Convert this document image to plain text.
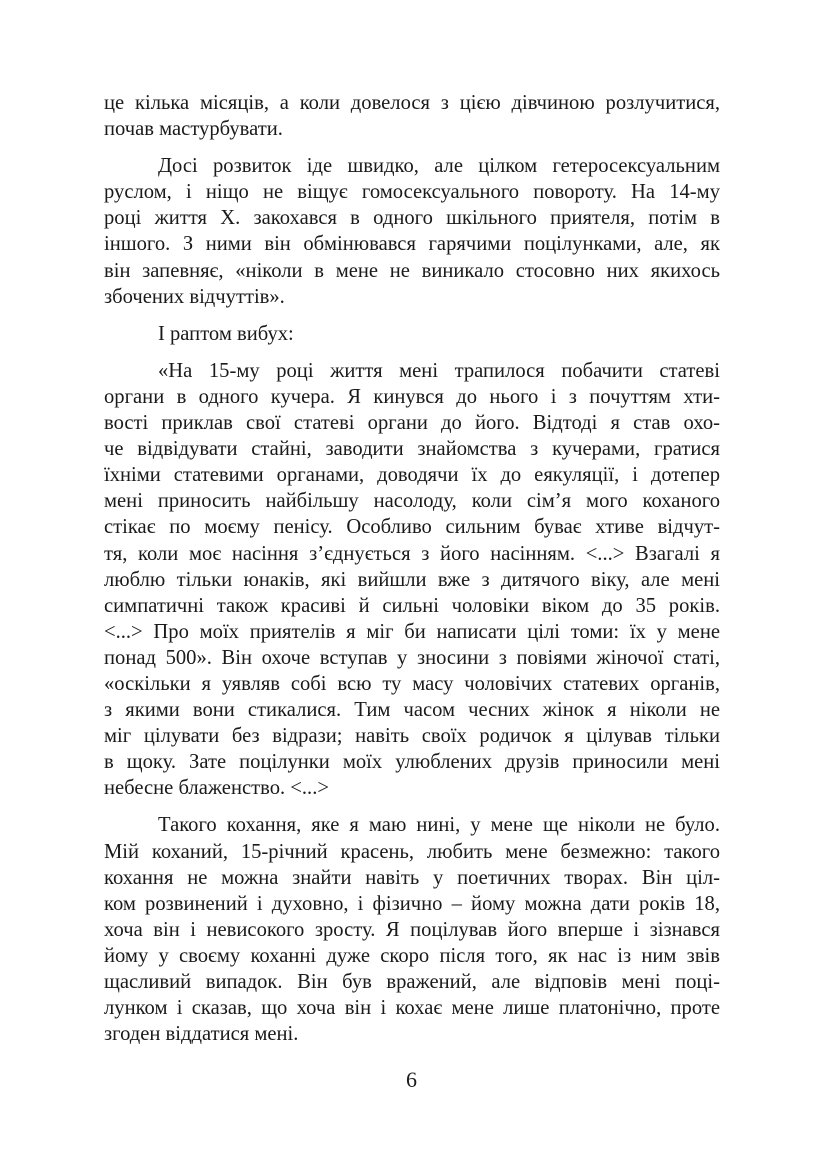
це кілька місяців, а коли довелося з цією дівчиною розлучитися,
почав мастурбувати.
Досі розвиток іде швидко, але цілком гетеросексуальним
руслом, і ніщо не віщує гомосексуального повороту. На 14-му
році життя Х. закохався в одного шкільного приятеля, потім в
іншого. З ними він обмінювався гарячими поцілунками, але, як
він запевняє, «ніколи в мене не виникало стосовно них якихось
збочених відчуттів».
І раптом вибух:
«На 15-му році життя мені трапилося побачити статеві
органи в одного кучера. Я кинувся до нього і з почуттям хти-
вості приклав свої статеві органи до його. Відтоді я став охо-
че відвідувати стайні, заводити знайомства з кучерами, гратися
їхніми статевими органами, доводячи їх до еякуляції, і дотепер
мені приносить найбільшу насолоду, коли сім’я мого коханого
стікає по моєму пенісу. Особливо сильним буває хтиве відчут-
тя, коли моє насіння з’єднується з його насінням. <...> Взагалі я
люблю тільки юнаків, які вийшли вже з дитячого віку, але мені
симпатичні також красиві й сильні чоловіки віком до 35 років.
<...> Про моїх приятелів я міг би написати цілі томи: їх у мене
понад 500». Він охоче вступав у зносини з повіями жіночої статі,
«оскільки я уявляв собі всю ту масу чоловічих статевих органів,
з якими вони стикалися. Тим часом чесних жінок я ніколи не
міг цілувати без відрази; навіть своїх родичок я цілував тільки
в щоку. Зате поцілунки моїх улюблених друзів приносили мені
небесне блаженство. <...>
Такого кохання, яке я маю нині, у мене ще ніколи не було.
Мій коханий, 15-річний красень, любить мене безмежно: такого
кохання не можна знайти навіть у поетичних творах. Він ціл-
ком розвинений і духовно, і фізично – йому можна дати років 18,
хоча він і невисокого зросту. Я поцілував його вперше і зізнався
йому у своєму коханні дуже скоро після того, як нас із ним звів
щасливий випадок. Він був вражений, але відповів мені поці-
лунком і сказав, що хоча він і кохає мене лише платонічно, проте
згоден віддатися мені.
6
